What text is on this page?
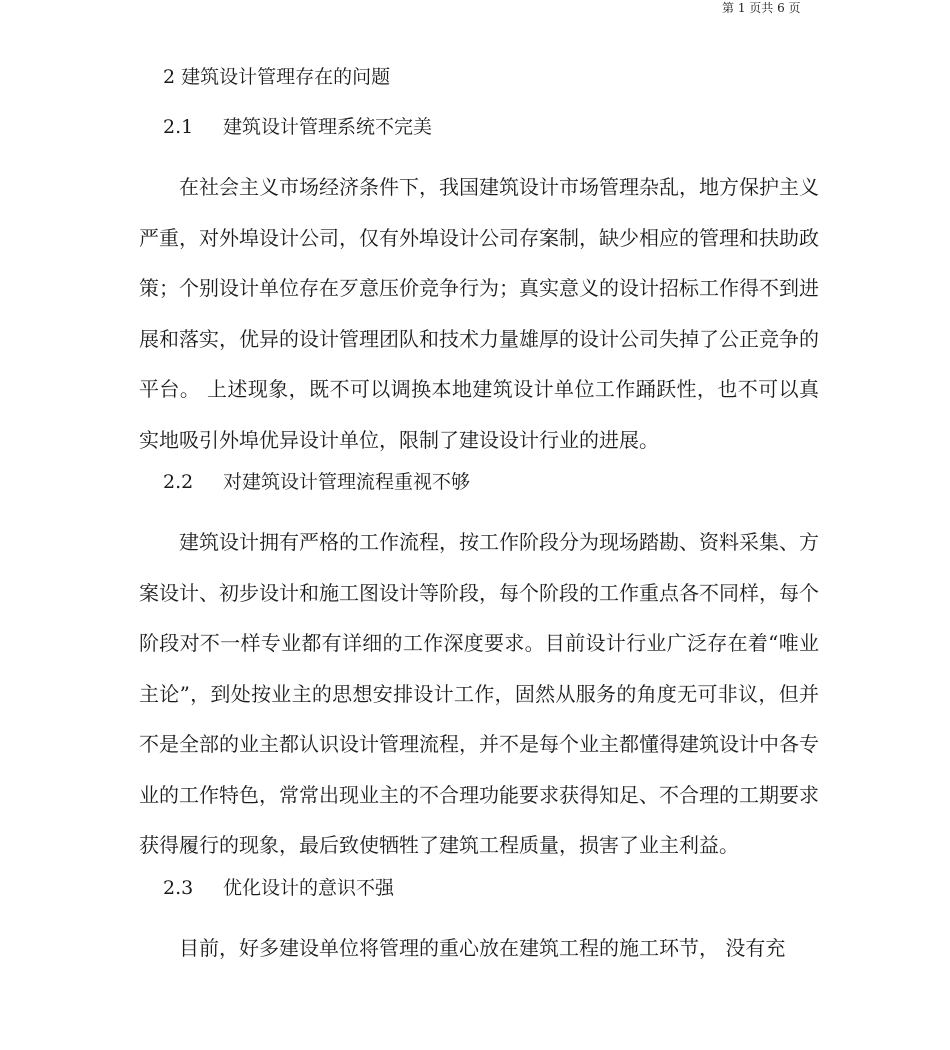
第 1 页共 6 页
2 建筑设计管理存在的问题
2.1 建筑设计管理系统不完美

在社会主义市场经济条件下，我国建筑设计市场管理杂乱，地方保护主义严重，对外埠设计公司，仅有外埠设计公司存案制，缺少相应的管理和扶助政策；个别设计单位存在歹意压价竞争行为；真实意义的设计招标工作得不到进展和落实，优异的设计管理团队和技术力量雄厚的设计公司失掉了公正竞争的平台。 上述现象，既不可以调换本地建筑设计单位工作踊跃性，也不可以真实地吸引外埠优异设计单位，限制了建设设计行业的进展。

2.2 对建筑设计管理流程重视不够

建筑设计拥有严格的工作流程，按工作阶段分为现场踏勘、资料采集、方案设计、初步设计和施工图设计等阶段，每个阶段的工作重点各不同样，每个阶段对不一样专业都有详细的工作深度要求。目前设计行业广泛存在着“唯业主论”，到处按业主的思想安排设计工作，固然从服务的角度无可非议，但并不是全部的业主都认识设计管理流程，并不是每个业主都懂得建筑设计中各专业的工作特色，常常出现业主的不合理功能要求获得知足、不合理的工期要求获得履行的现象，最后致使牺牲了建筑工程质量，损害了业主利益。

2.3 优化设计的意识不强

目前，好多建设单位将管理的重心放在建筑工程的施工环节， 没有充
